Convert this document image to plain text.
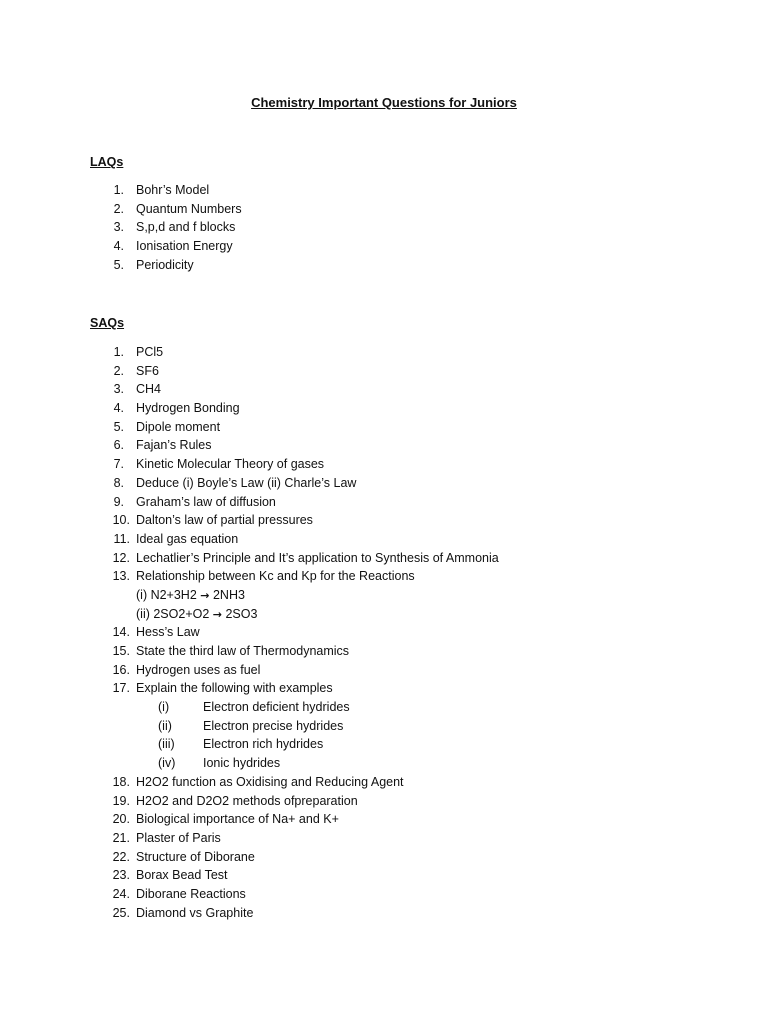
Chemistry Important Questions for Juniors
LAQs
1. Bohr’s Model
2. Quantum Numbers
3. S,p,d and f blocks
4. Ionisation Energy
5. Periodicity
SAQs
1. PCl5
2. SF6
3. CH4
4. Hydrogen Bonding
5. Dipole moment
6. Fajan’s Rules
7. Kinetic Molecular Theory of gases
8. Deduce (i) Boyle’s Law (ii) Charle’s Law
9. Graham’s law of diffusion
10. Dalton’s law of partial pressures
11. Ideal gas equation
12. Lechatlier’s Principle and It’s application to Synthesis of Ammonia
13. Relationship between Kc and Kp for the Reactions
(i) N2+3H2 → 2NH3
(ii) 2SO2+O2 → 2SO3
14. Hess’s Law
15. State the third law of Thermodynamics
16. Hydrogen uses as fuel
17. Explain the following with examples
(i)	Electron deficient hydrides
(ii) Electron precise hydrides
(iii) Electron rich hydrides
(iv) Ionic hydrides
18. H2O2 function as Oxidising and Reducing Agent
19. H2O2 and D2O2 methods ofpreparation
20. Biological importance of Na+ and K+
21. Plaster of Paris
22. Structure of Diborane
23. Borax Bead Test
24. Diborane Reactions
25. Diamond vs Graphite
